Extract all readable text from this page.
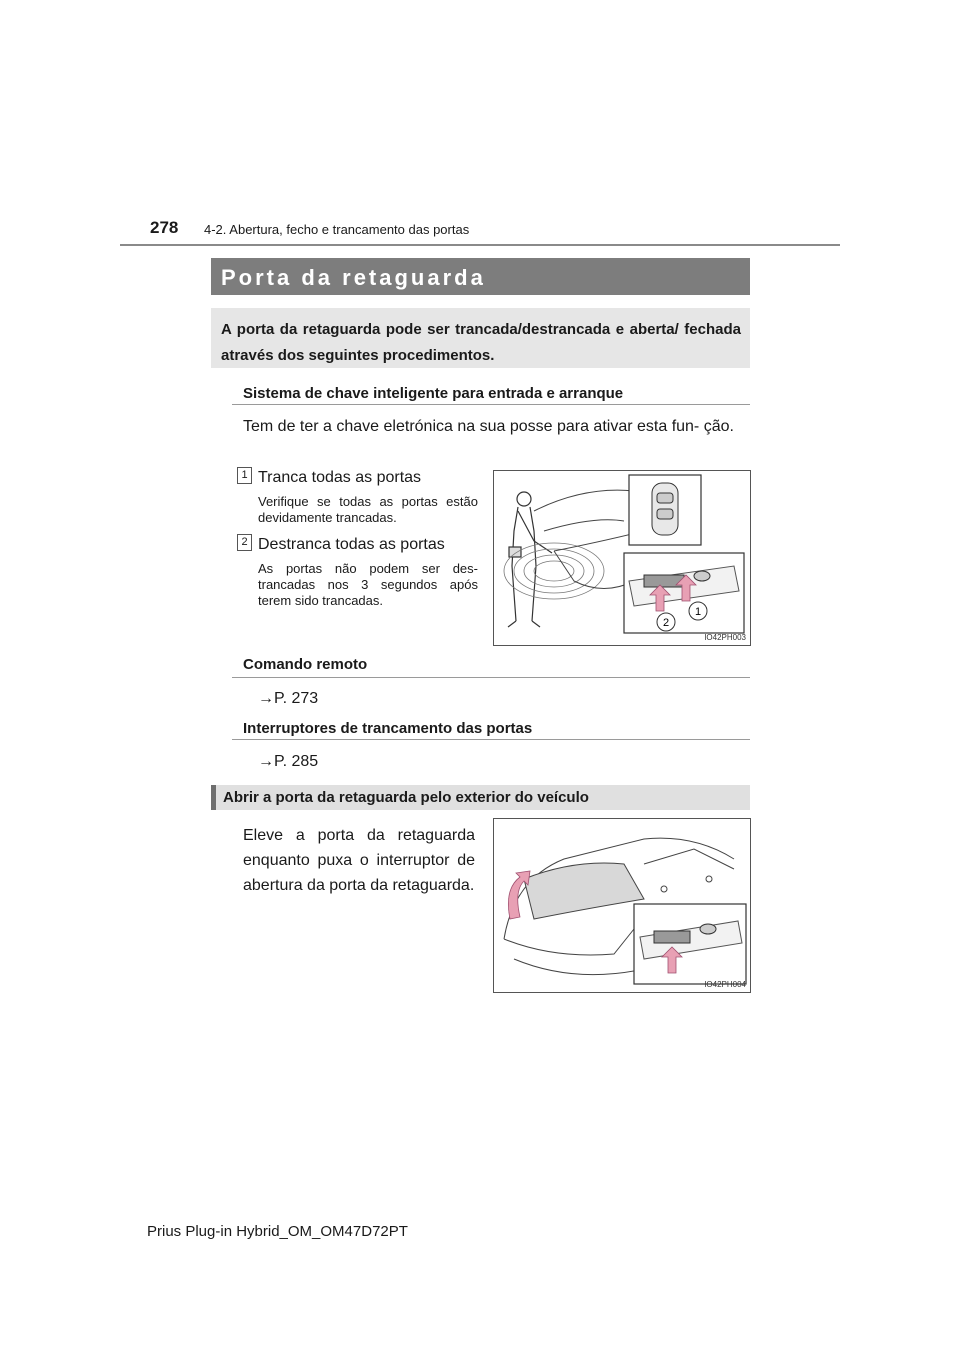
278 4-2. Abertura, fecho e trancamento das portas
Porta da retaguarda
A porta da retaguarda pode ser trancada/destrancada e aberta/ fechada através dos seguintes procedimentos.
Sistema de chave inteligente para entrada e arranque
Tem de ter a chave eletrónica na sua posse para ativar esta fun- ção.
1 Tranca todas as portas
Verifique se todas as portas estão devidamente trancadas.
2 Destranca todas as portas
As portas não podem ser des- trancadas nos 3 segundos após terem sido trancadas.
1
2
IO42PH003
Comando remoto
→P. 273
Interruptores de trancamento das portas
→P. 285
Abrir a porta da retaguarda pelo exterior do veículo
Eleve a porta da retaguarda enquanto puxa o interruptor de abertura da porta da retaguarda.
IO42PH004
Prius Plug-in Hybrid_OM_OM47D72PT
